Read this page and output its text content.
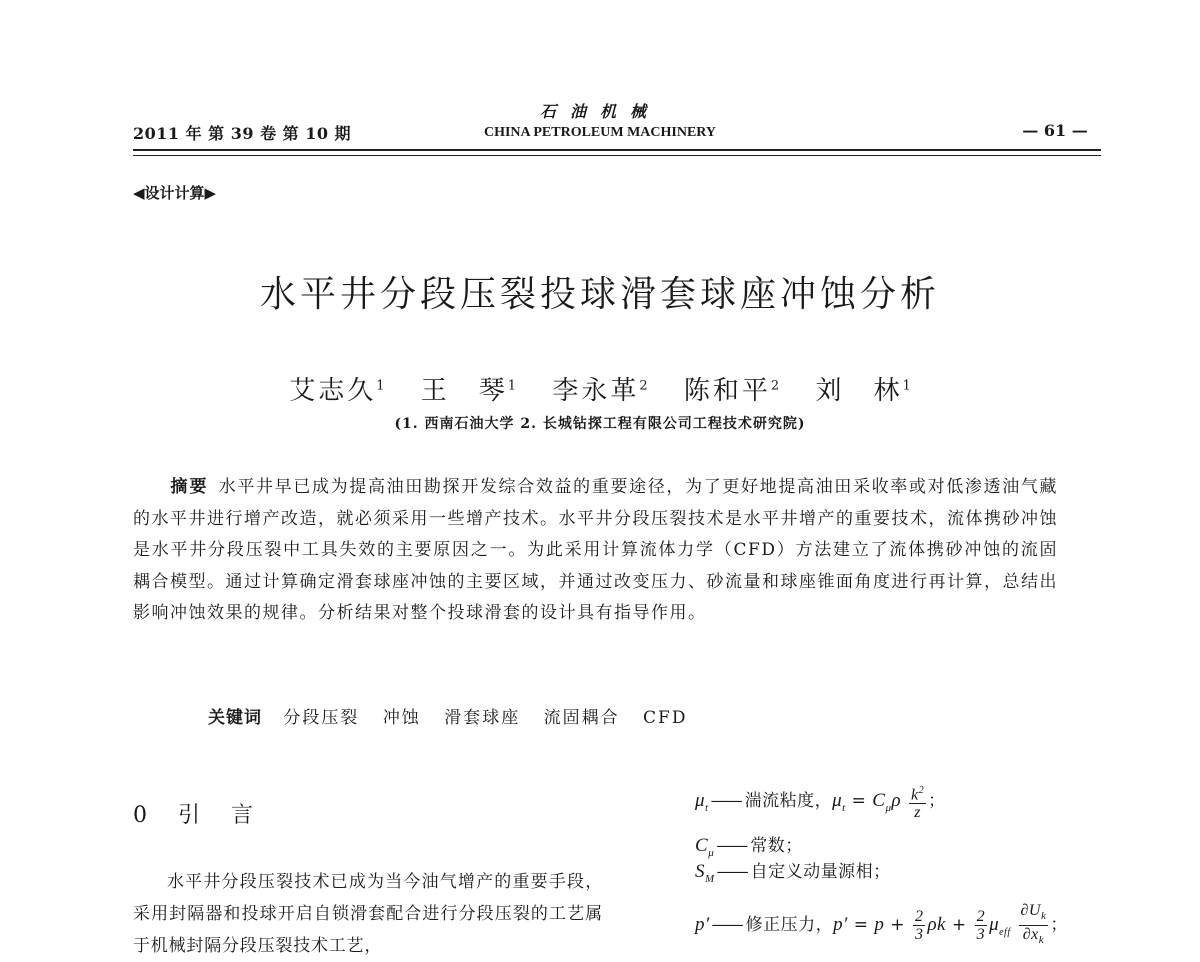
2011 年 第 39 卷 第 10 期
石油机械
CHINA PETROLEUM MACHINERY	— 61 —
◀设计计算▶
水平井分段压裂投球滑套球座冲蚀分析
艾志久$^1$ 王　琴$^1$ 李永革$^2$ 陈和平$^2$ 刘　林$^1$
(1. 西南石油大学 2. 长城钻探工程有限公司工程技术研究院)
摘要 水平井早已成为提高油田勘探开发综合效益的重要途径，为了更好地提高油田采收率或对低渗透油气藏的水平井进行增产改造，就必须采用一些增产技术。水平井分段压裂技术是水平井增产的重要技术，流体携砂冲蚀是水平井分段压裂中工具失效的主要原因之一。为此采用计算流体力学（CFD）方法建立了流体携砂冲蚀的流固耦合模型。通过计算确定滑套球座冲蚀的主要区域，并通过改变压力、砂流量和球座锥面角度进行再计算，总结出影响冲蚀效果的规律。分析结果对整个投球滑套的设计具有指导作用。
关键词 分段压裂 冲蚀 滑套球座 流固耦合 CFD
0 引 言
水平井分段压裂技术已成为当今油气增产的重要手段，采用封隔器和投球开启自锁滑套配合进行分段压裂的工艺属于机械封隔分段压裂技术工艺，
$\mu_t$ —— 湍流粘度，$\mu_t = C_\mu\rho \frac{k^2}{z}$ ；
$C_\mu$ —— 常数；
$S_M$ —— 自定义动量源相；
p′ —— 修正压力，$p' = p + \frac{2}{3}$ $\rho k + \frac{2}{3} \mu_{eff} \frac{\partial U_k}{\partial x_k}$ ；
